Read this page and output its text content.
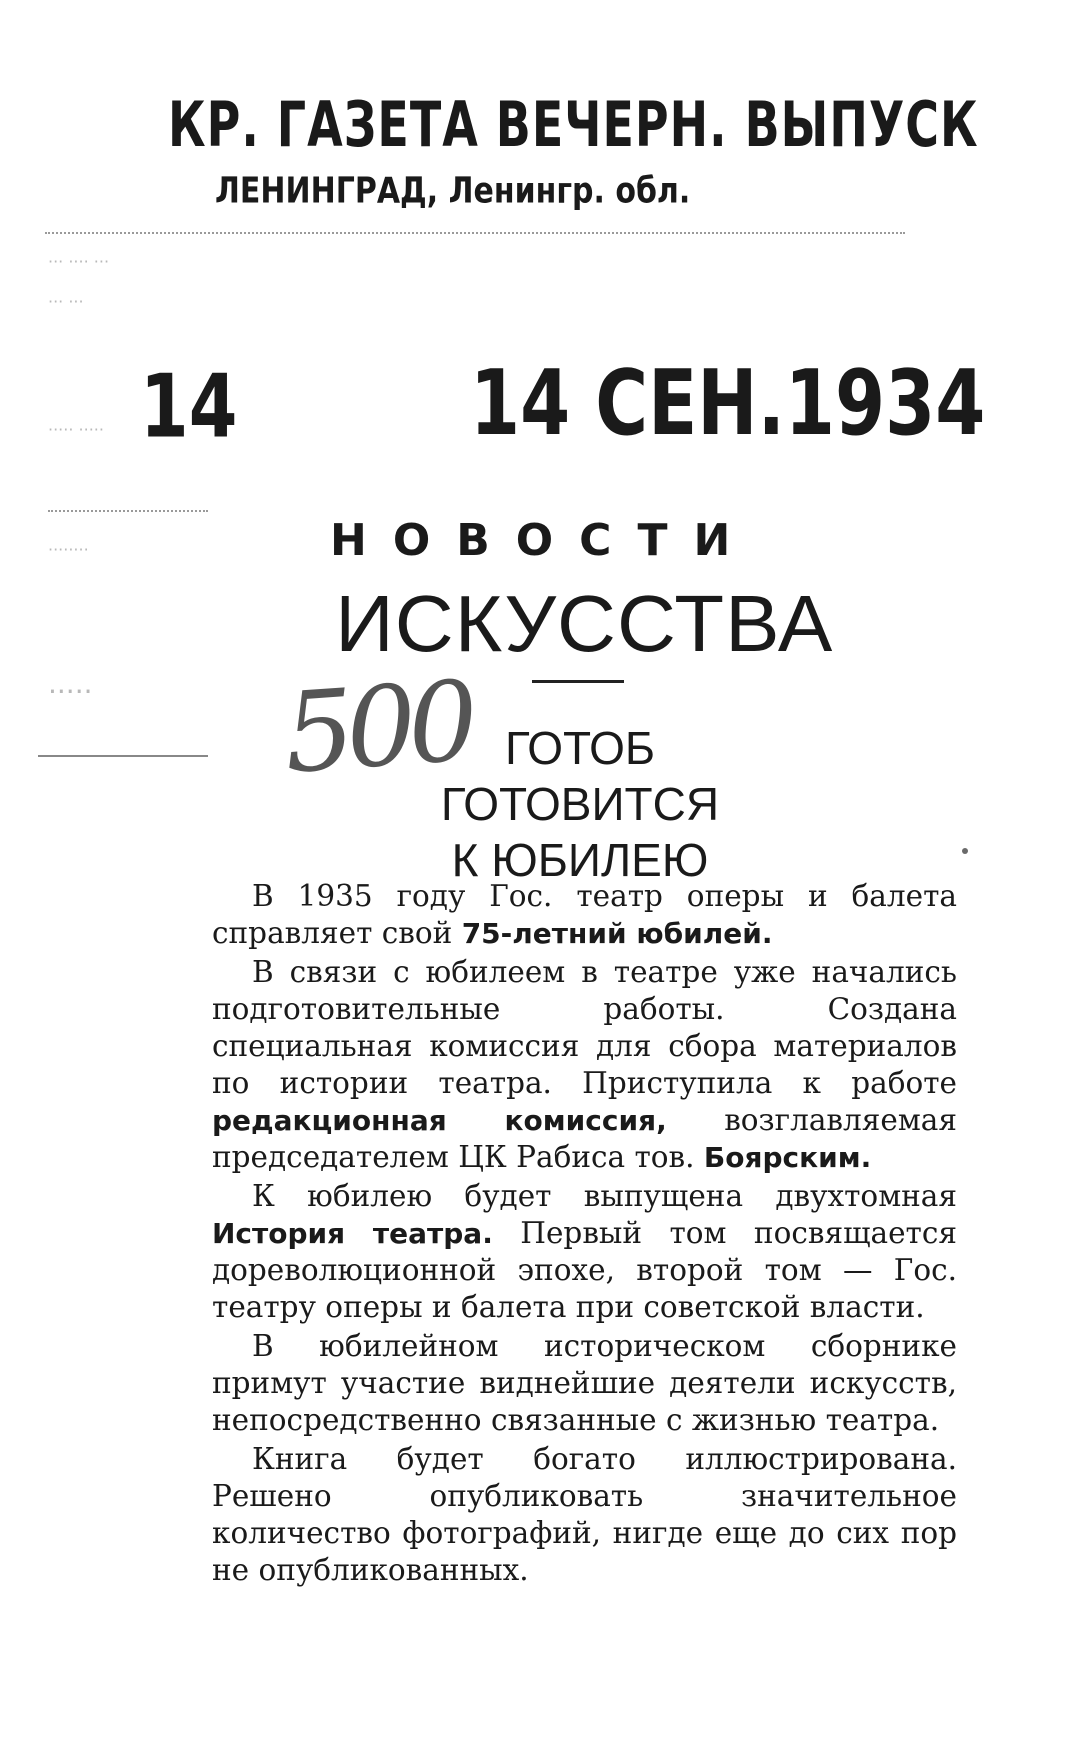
КР. ГАЗЕТА ВЕЧЕРН. ВЫПУСК
ЛЕНИНГРАД, Ленингр. обл.
··· ···· ···
··· ···
····· ·····
········
·····
14	14 СЕН.1934
НОВОСТИ
ИСКУССТВА
500 ГОТОБ
ГОТОВИТСЯ
К ЮБИЛЕЮ

В 1935 году Гос. театр оперы и балета справляет свой 75-летний юбилей.

В связи с юбилеем в театре уже начались подготовительные работы. Создана специальная комиссия для сбора материалов по истории театра. Приступила к работе редакционная комиссия, возглавляемая председателем ЦК Рабиса тов. Боярским.

К юбилею будет выпущена двухтомная История театра. Первый том посвящается дореволюционной эпохе, второй том — Гос. театру оперы и балета при советской власти.

В юбилейном историческом сборнике примут участие виднейшие деятели искусств, непосредственно связанные с жизнью театра.

Книга будет богато иллюстрирована. Решено опубликовать значительное количество фотографий, нигде еще до сих пор не опубликованных.
